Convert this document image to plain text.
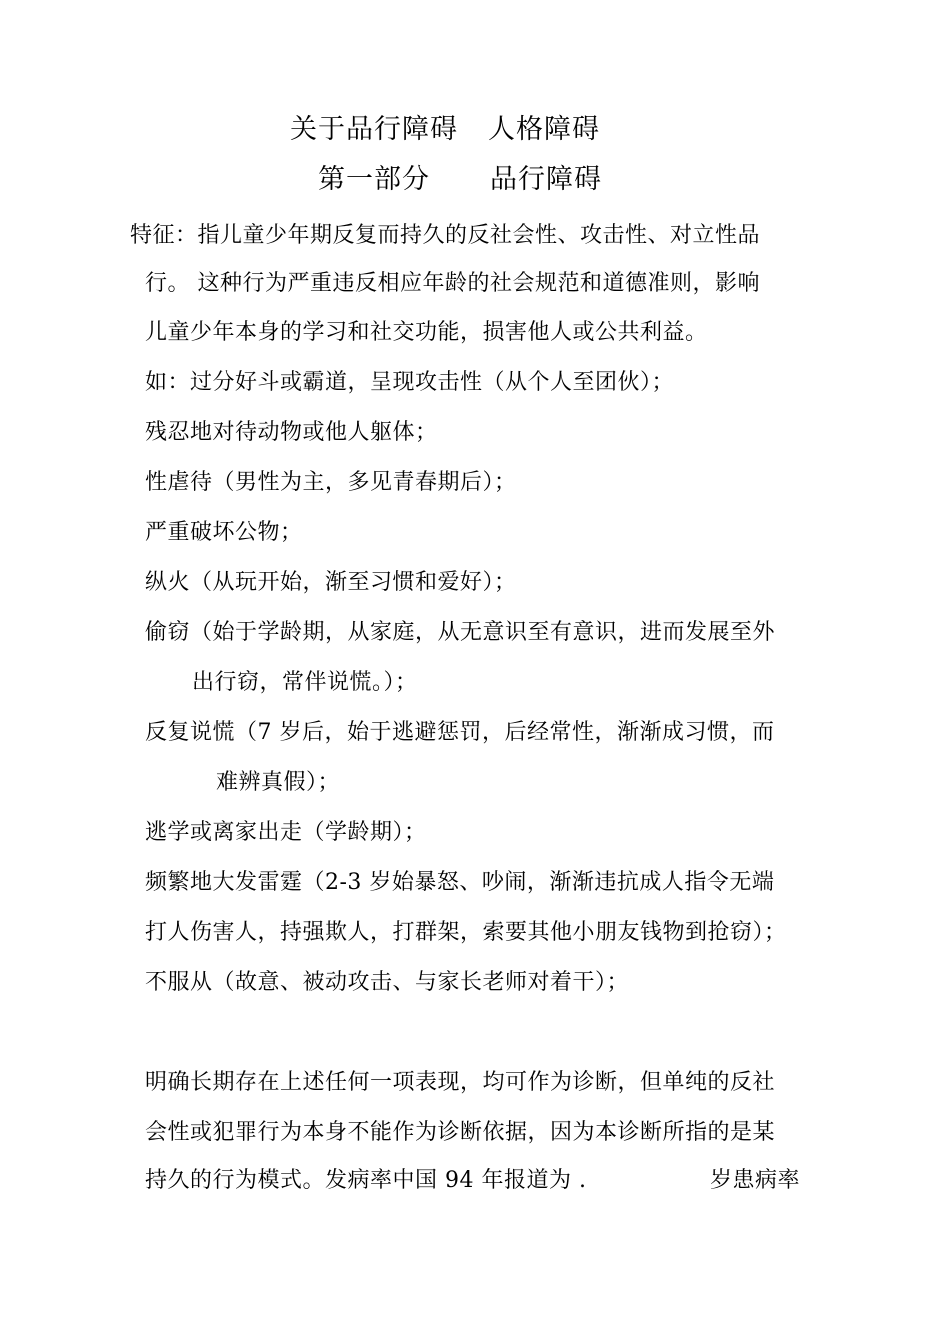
关于品行障碍 人格障碍
第一部分 品行障碍
特征：指儿童少年期反复而持久的反社会性、攻击性、对立性品
行。 这种行为严重违反相应年龄的社会规范和道德准则，影响
儿童少年本身的学习和社交功能，损害他人或公共利益。
如：过分好斗或霸道，呈现攻击性（从个人至团伙）；
残忍地对待动物或他人躯体；
性虐待（男性为主，多见青春期后）；
严重破坏公物；
纵火（从玩开始，渐至习惯和爱好）；
偷窃（始于学龄期，从家庭，从无意识至有意识，进而发展至外
出行窃，常伴说慌。）；
反复说慌（7 岁后，始于逃避惩罚，后经常性，渐渐成习惯，而
难辨真假）；
逃学或离家出走（学龄期）；
频繁地大发雷霆（2-3 岁始暴怒、吵闹，渐渐违抗成人指令无端
打人伤害人，持强欺人，打群架，索要其他小朋友钱物到抢窃）；
不服从（故意、被动攻击、与家长老师对着干）；
明确长期存在上述任何一项表现，均可作为诊断，但单纯的反社
会性或犯罪行为本身不能作为诊断依据，因为本诊断所指的是某
持久的行为模式。发病率中国 94 年报道为 .	岁患病率
